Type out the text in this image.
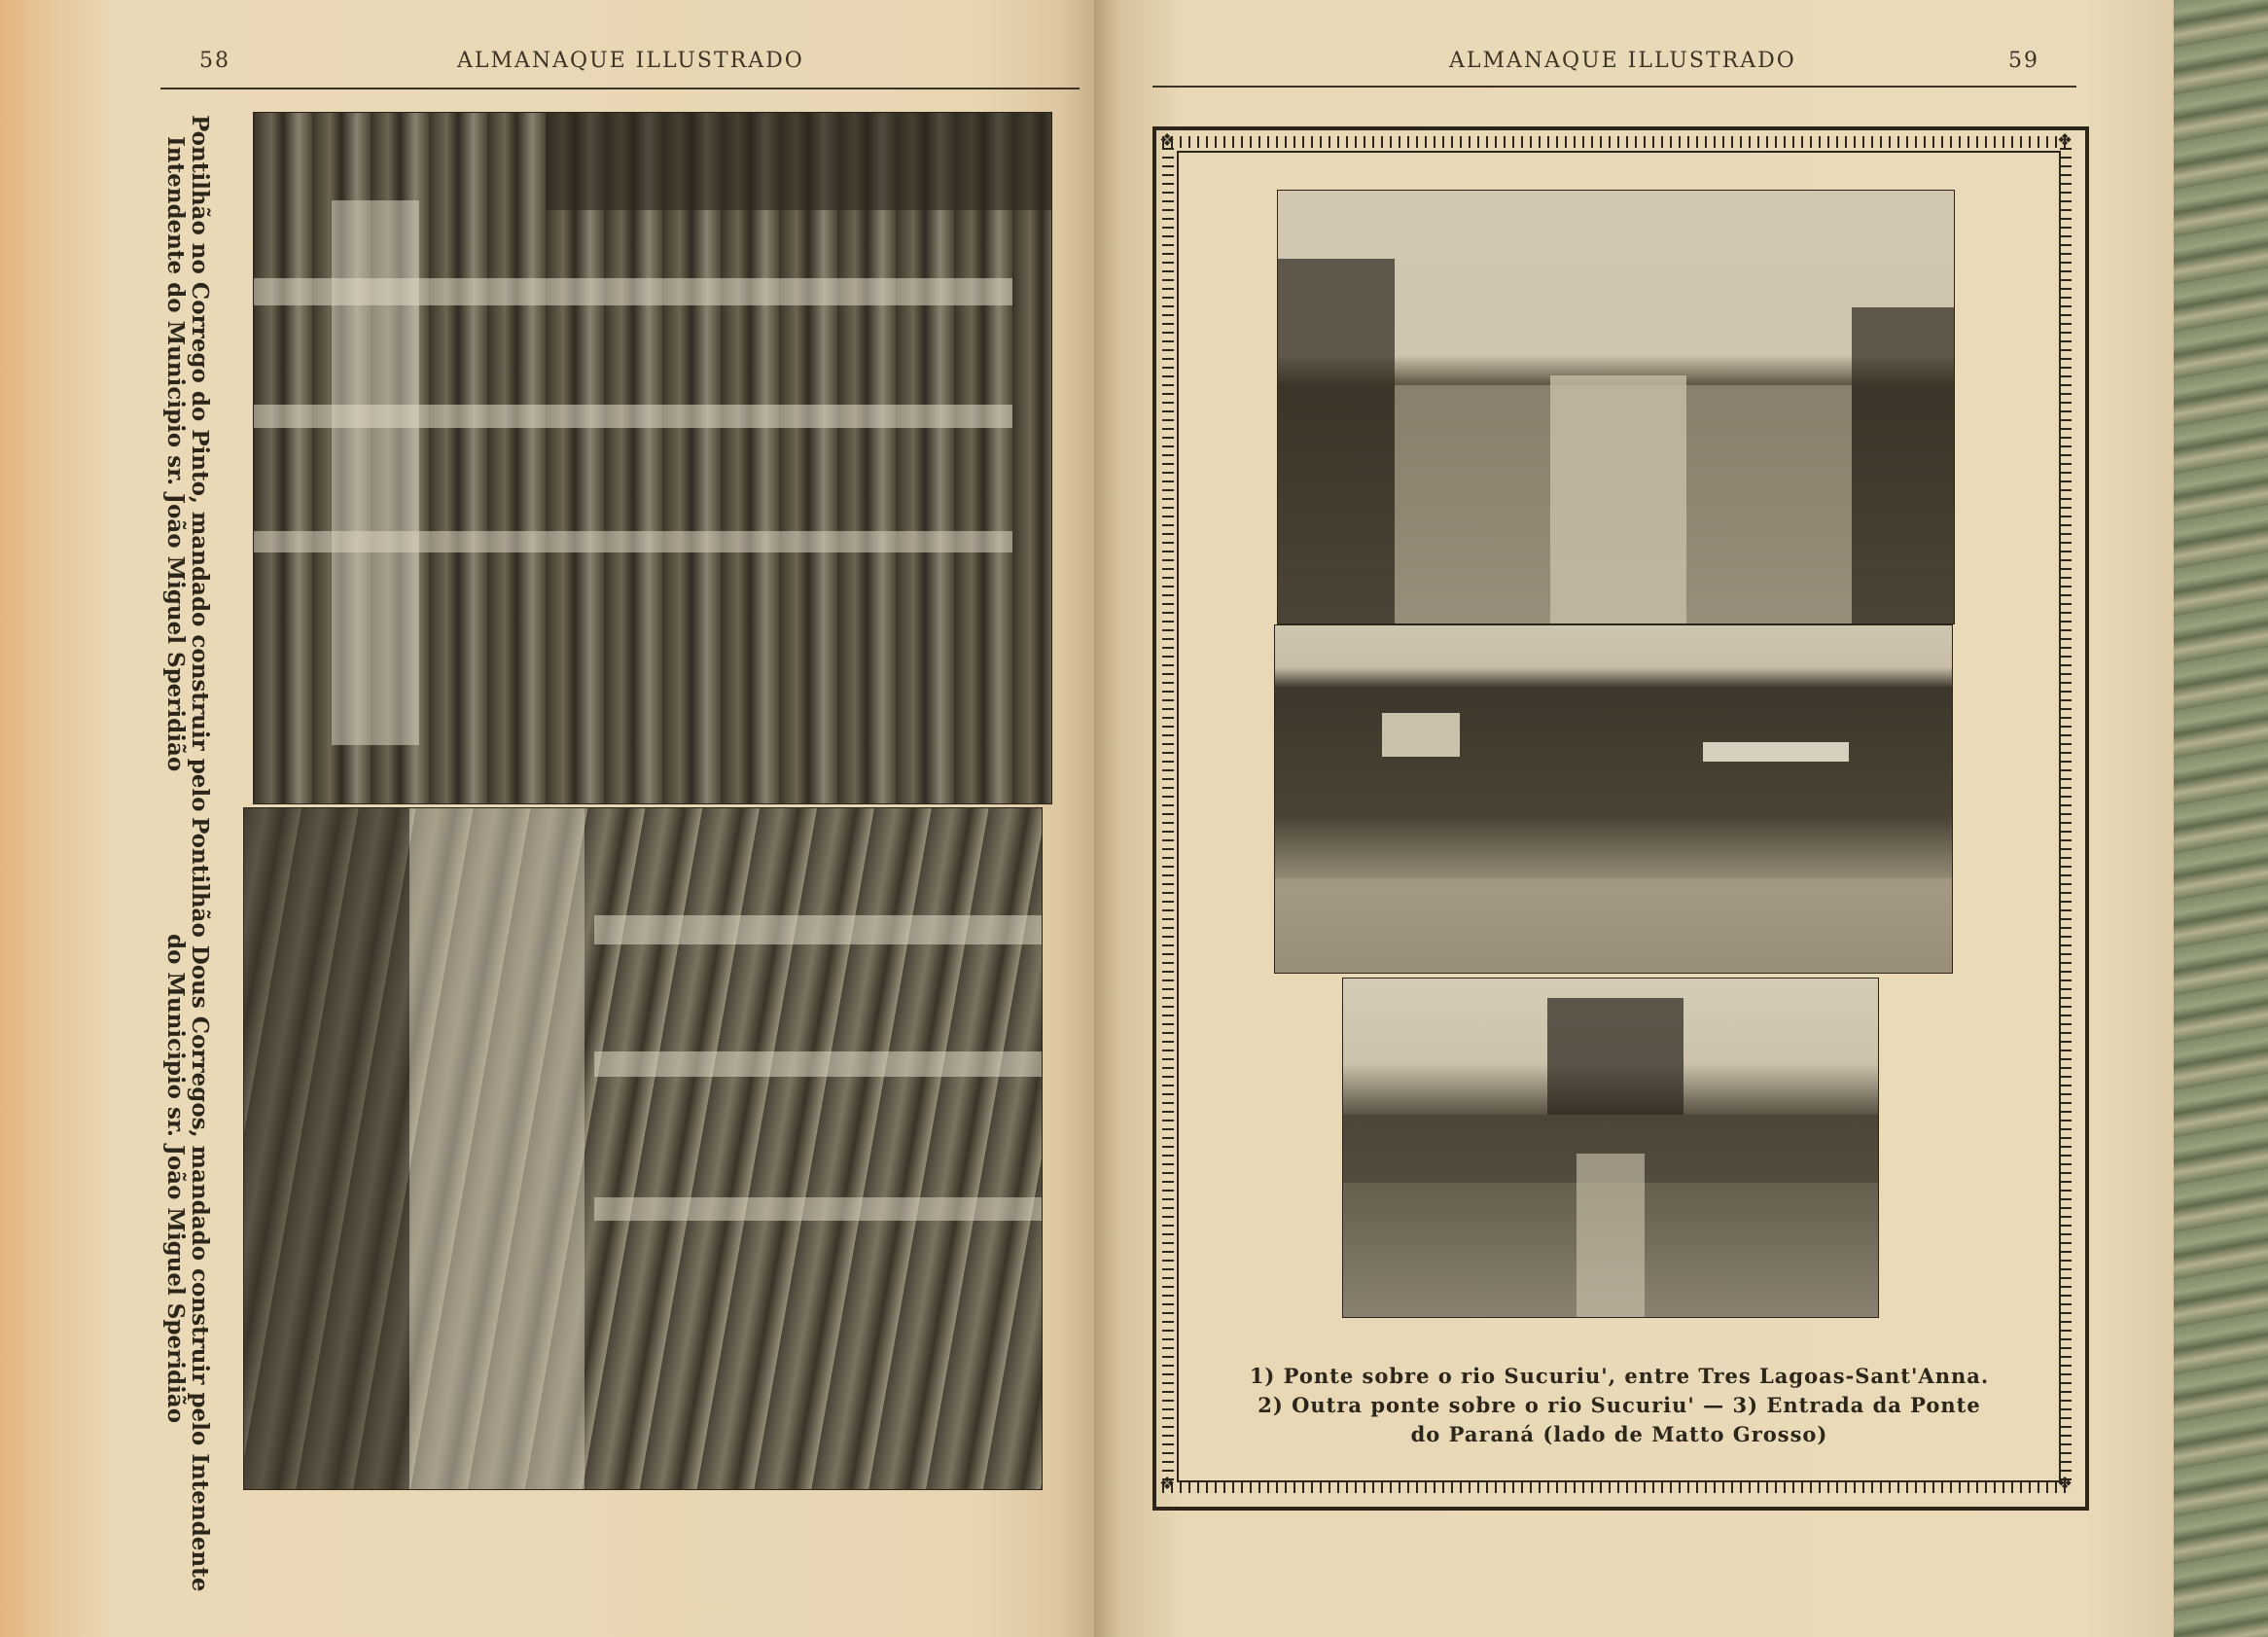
58	ALMANAQUE ILLUSTRADO
Pontilhão no Corrego do Pinto, mandado construir pelo
Intendente do Municipio sr. João Miguel Speridião
Pontilhão Dous Corregos, mandado construir pelo Intendente
do Municipio sr. João Miguel Speridião
ALMANAQUE ILLUSTRADO	59
❖	❖
❖	❖
1) Ponte sobre o rio Sucuriu', entre Tres Lagoas-Sant'Anna.
2) Outra ponte sobre o rio Sucuriu' — 3) Entrada da Ponte
do Paraná (lado de Matto Grosso)
